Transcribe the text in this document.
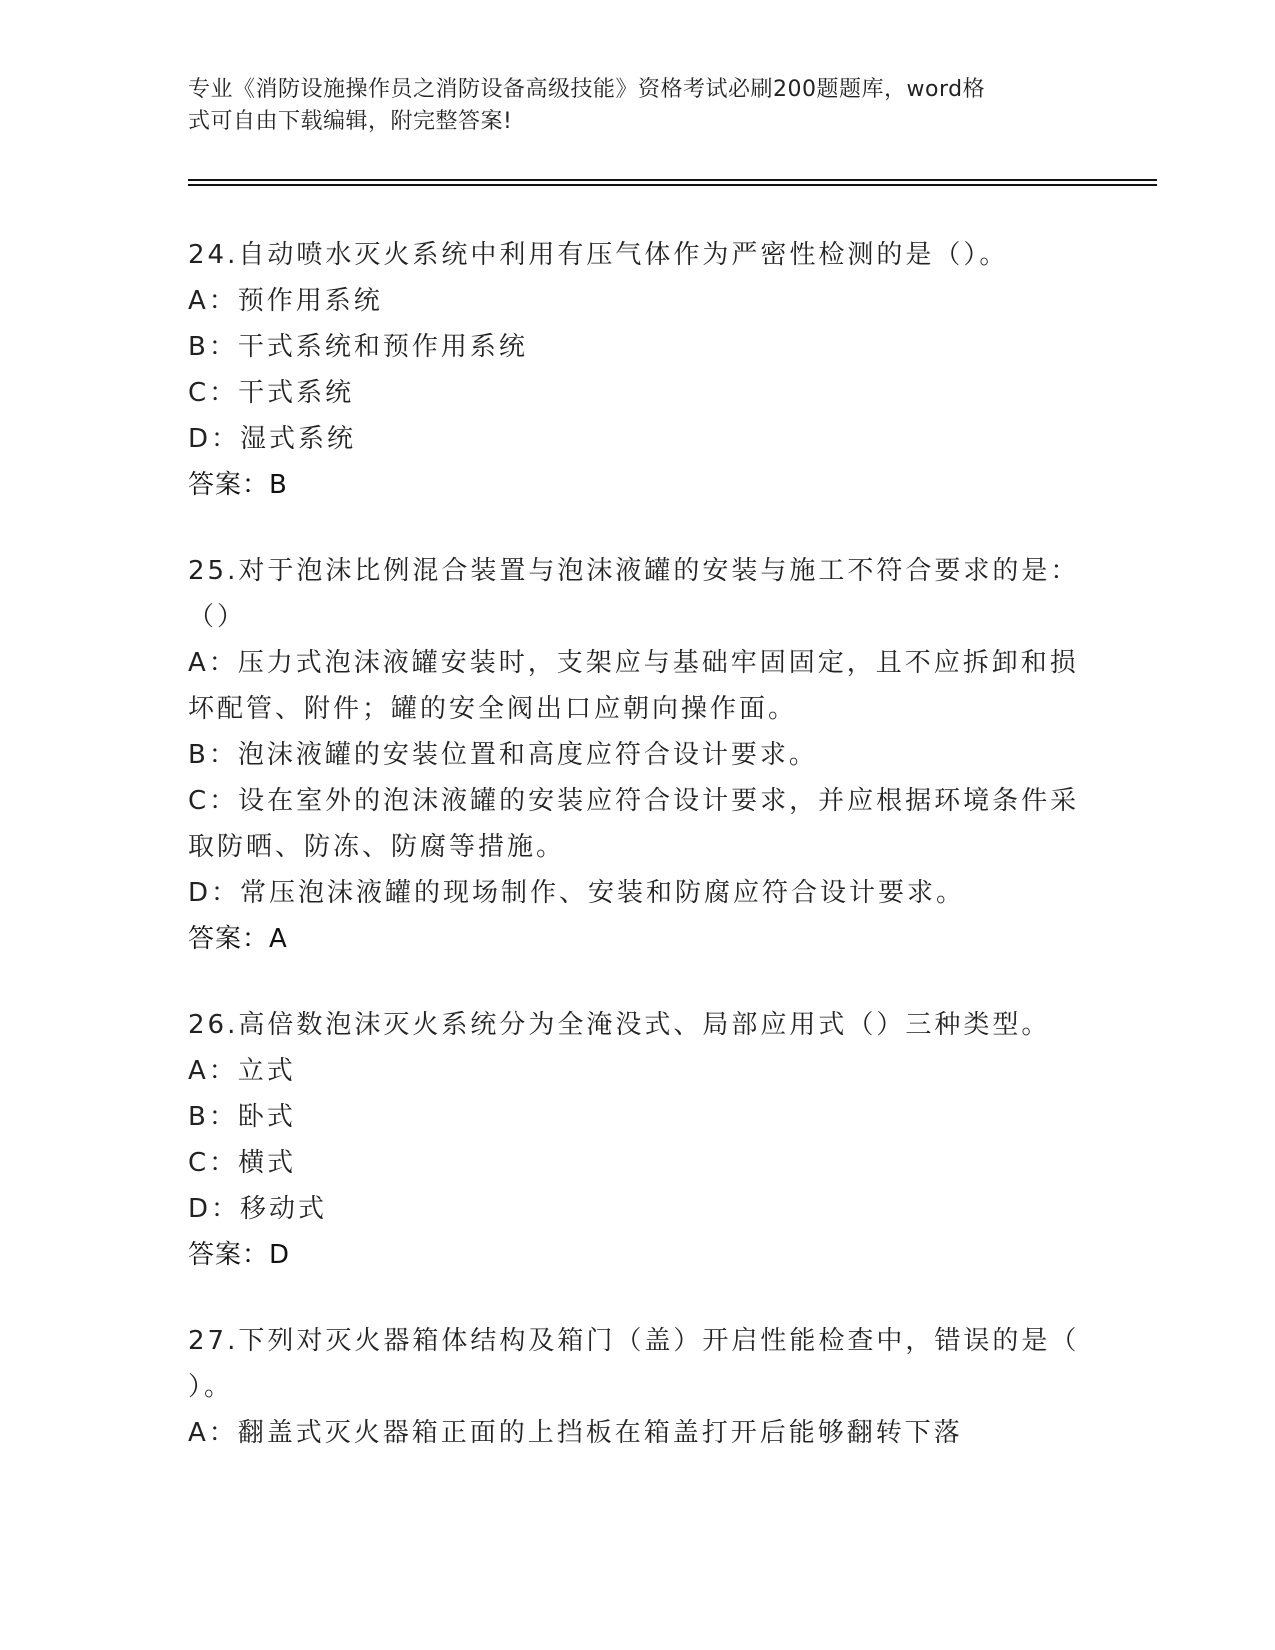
专业《消防设施操作员之消防设备高级技能》资格考试必刷200题题库，word格
式可自由下载编辑，附完整答案!
24.自动喷水灭火系统中利用有压气体作为严密性检测的是（）。
A：预作用系统
B：干式系统和预作用系统
C：干式系统
D：湿式系统
答案：B
25.对于泡沫比例混合装置与泡沫液罐的安装与施工不符合要求的是：
（）
A：压力式泡沫液罐安装时，支架应与基础牢固固定，且不应拆卸和损
坏配管、附件；罐的安全阀出口应朝向操作面。
B：泡沫液罐的安装位置和高度应符合设计要求。
C：设在室外的泡沫液罐的安装应符合设计要求，并应根据环境条件采
取防晒、防冻、防腐等措施。
D：常压泡沫液罐的现场制作、安装和防腐应符合设计要求。
答案：A
26.高倍数泡沫灭火系统分为全淹没式、局部应用式（）三种类型。
A：立式
B：卧式
C：横式
D：移动式
答案：D
27.下列对灭火器箱体结构及箱门（盖）开启性能检查中，错误的是（
）。
A：翻盖式灭火器箱正面的上挡板在箱盖打开后能够翻转下落
